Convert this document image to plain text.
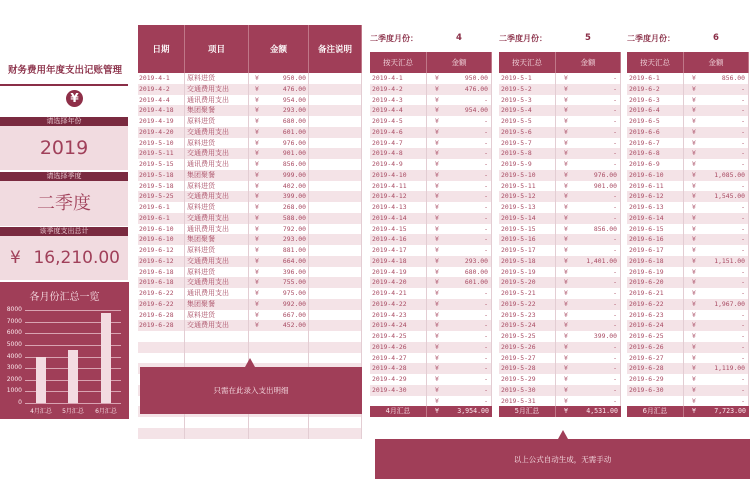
财务费用年度支出记账管理
¥
请选择年份
2019
请选择季度
二季度
该季度支出总计
¥ 16,210.00
各月份汇总一览
8000
7000
6000
5000
4000
3000
2000
1000
0
4月汇总	5月汇总	6月汇总
日期	项目	金额	备注说明
2019-4-1	原料进货	¥	950.00
2019-4-2	交通费用支出	¥	476.00
2019-4-4	通讯费用支出	¥	954.00
2019-4-18	集团聚餐	¥	293.00
2019-4-19	原料进货	¥	680.00
2019-4-20	交通费用支出	¥	601.00
2019-5-10	原料进货	¥	976.00
2019-5-11	交通费用支出	¥	901.00
2019-5-15	通讯费用支出	¥	856.00
2019-5-18	集团聚餐	¥	999.00
2019-5-18	原料进货	¥	402.00
2019-5-25	交通费用支出	¥	399.00
2019-6-1	原料进货	¥	268.00
2019-6-1	交通费用支出	¥	588.00
2019-6-10	通讯费用支出	¥	792.00
2019-6-10	集团聚餐	¥	293.00
2019-6-12	原料进货	¥	881.00
2019-6-12	交通费用支出	¥	664.00
2019-6-18	原料进货	¥	396.00
2019-6-18	交通费用支出	¥	755.00
2019-6-22	通讯费用支出	¥	975.00
2019-6-22	集团聚餐	¥	992.00
2019-6-28	原料进货	¥	667.00
2019-6-28	交通费用支出	¥	452.00
只需在此录入支出明细
二季度月份：	4
按天汇总	金额
2019-4-1	¥	950.00
2019-4-2	¥	476.00
2019-4-3	¥	-
2019-4-4	¥	954.00
2019-4-5	¥	-
2019-4-6	¥	-
2019-4-7	¥	-
2019-4-8	¥	-
2019-4-9	¥	-
2019-4-10	¥	-
2019-4-11	¥	-
2019-4-12	¥	-
2019-4-13	¥	-
2019-4-14	¥	-
2019-4-15	¥	-
2019-4-16	¥	-
2019-4-17	¥	-
2019-4-18	¥	293.00
2019-4-19	¥	680.00
2019-4-20	¥	601.00
2019-4-21	¥	-
2019-4-22	¥	-
2019-4-23	¥	-
2019-4-24	¥	-
2019-4-25	¥	-
2019-4-26	¥	-
2019-4-27	¥	-
2019-4-28	¥	-
2019-4-29	¥	-
2019-4-30	¥	-
¥	-
4月汇总	¥	3,954.00
二季度月份：	5
按天汇总	金额
2019-5-1	¥	-
2019-5-2	¥	-
2019-5-3	¥	-
2019-5-4	¥	-
2019-5-5	¥	-
2019-5-6	¥	-
2019-5-7	¥	-
2019-5-8	¥	-
2019-5-9	¥	-
2019-5-10	¥	976.00
2019-5-11	¥	901.00
2019-5-12	¥	-
2019-5-13	¥	-
2019-5-14	¥	-
2019-5-15	¥	856.00
2019-5-16	¥	-
2019-5-17	¥	-
2019-5-18	¥	1,401.00
2019-5-19	¥	-
2019-5-20	¥	-
2019-5-21	¥	-
2019-5-22	¥	-
2019-5-23	¥	-
2019-5-24	¥	-
2019-5-25	¥	399.00
2019-5-26	¥	-
2019-5-27	¥	-
2019-5-28	¥	-
2019-5-29	¥	-
2019-5-30	¥	-
2019-5-31	¥	-
5月汇总	¥	4,531.00
二季度月份：	6
按天汇总	金额
2019-6-1	¥	856.00
2019-6-2	¥	-
2019-6-3	¥	-
2019-6-4	¥	-
2019-6-5	¥	-
2019-6-6	¥	-
2019-6-7	¥	-
2019-6-8	¥	-
2019-6-9	¥	-
2019-6-10	¥	1,085.00
2019-6-11	¥	-
2019-6-12	¥	1,545.00
2019-6-13	¥	-
2019-6-14	¥	-
2019-6-15	¥	-
2019-6-16	¥	-
2019-6-17	¥	-
2019-6-18	¥	1,151.00
2019-6-19	¥	-
2019-6-20	¥	-
2019-6-21	¥	-
2019-6-22	¥	1,967.00
2019-6-23	¥	-
2019-6-24	¥	-
2019-6-25	¥	-
2019-6-26	¥	-
2019-6-27	¥	-
2019-6-28	¥	1,119.00
2019-6-29	¥	-
2019-6-30	¥	-
¥	-
6月汇总	¥	7,723.00
以上公式自动生成，无需手动
